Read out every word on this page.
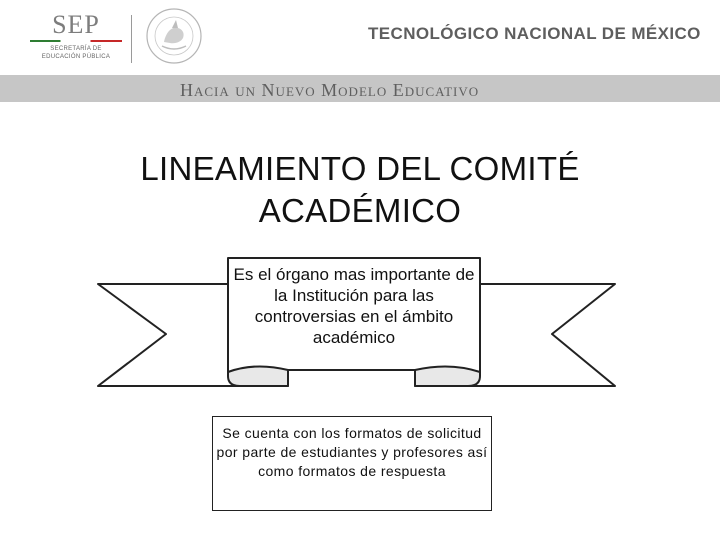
SEP
SECRETARÍA DE
EDUCACIÓN PÚBLICA
TECNOLÓGICO NACIONAL DE MÉXICO
Hacia un Nuevo Modelo Educativo
LINEAMIENTO DEL COMITÉ
ACADÉMICO
Es el órgano mas importante de la Institución para las controversias en el ámbito académico
Se cuenta con los formatos de solicitud por parte de estudiantes y profesores así como formatos de respuesta
